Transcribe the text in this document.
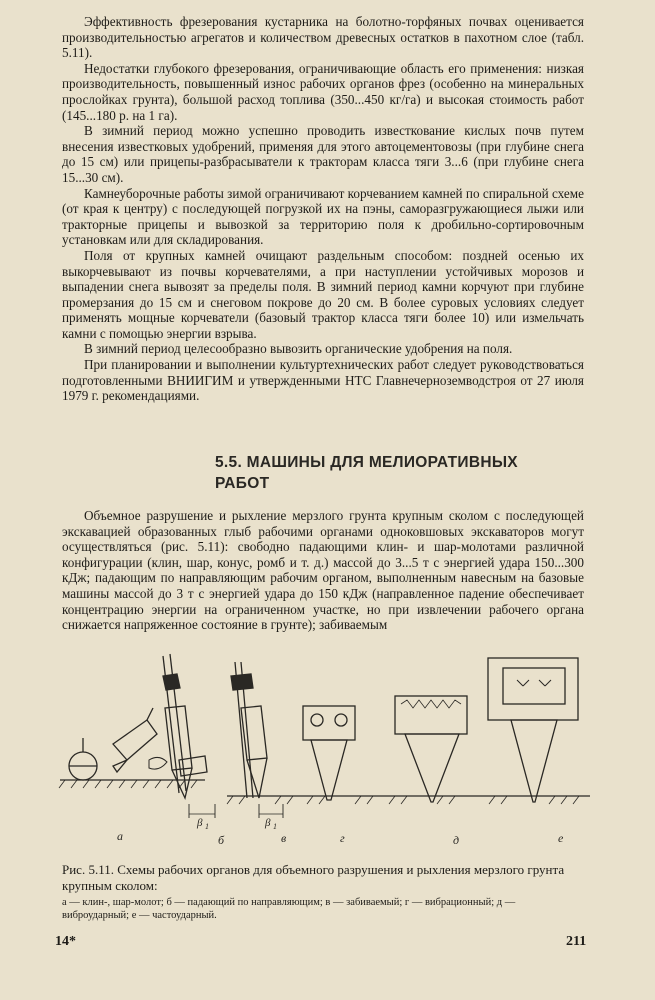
Эффективность фрезерования кустарника на болотно-торфяных почвах оценивается производительностью агрегатов и количеством древесных остатков в пахотном слое (табл. 5.11).

Недостатки глубокого фрезерования, ограничивающие область его применения: низкая производительность, повышенный износ рабочих органов фрез (особенно на минеральных прослойках грунта), большой расход топлива (350...450 кг/га) и высокая стоимость работ (145...180 р. на 1 га).

В зимний период можно успешно проводить известкование кислых почв путем внесения известковых удобрений, применяя для этого автоцементовозы (при глубине снега до 15 см) или прицепы-разбрасыватели к тракторам класса тяги 3...6 (при глубине снега 15...30 см).

Камнеуборочные работы зимой ограничивают корчеванием камней по спиральной схеме (от края к центру) с последующей погрузкой их на пэны, саморазгружающиеся лыжи или тракторные прицепы и вывозкой за территорию поля к дробильно-сортировочным установкам или для складирования.

Поля от крупных камней очищают раздельным способом: поздней осенью их выкорчевывают из почвы корчевателями, а при наступлении устойчивых морозов и выпадении снега вывозят за пределы поля. В зимний период камни корчуют при глубине промерзания до 15 см и снеговом покрове до 20 см. В более суровых условиях следует применять мощные корчеватели (базовый трактор класса тяги более 10) или измельчать камни с помощью энергии взрыва.

В зимний период целесообразно вывозить органические удобрения на поля.

При планировании и выполнении культуртехнических работ следует руководствоваться подготовленными ВНИИГИМ и утвержденными НТС Главнечерноземводстроя от 27 июля 1979 г. рекомендациями.

5.5. МАШИНЫ ДЛЯ МЕЛИОРАТИВНЫХ
РАБОТ

Объемное разрушение и рыхление мерзлого грунта крупным сколом с последующей экскавацией образованных глыб рабочими органами одноковшовых экскаваторов могут осуществляться (рис. 5.11): свободно падающими клин- и шар-молотами различной конфигурации (клин, шар, конус, ромб и т. д.) массой до 3...5 т с энергией удара 150...300 кДж; падающим по направляющим рабочим органом, выполненным навесным на базовые машины массой до 3 т с энергией удара до 150 кДж (направленное падение обеспечивает концентрацию энергии на ограниченном участке, но при извлечении рабочего органа снижается напряженное состояние в грунте); забиваемым

а	б	в	г	д	е
β 1	β 1
Рис. 5.11. Схемы рабочих органов для объемного разрушения и рыхления мерзлого грунта крупным сколом:
а — клин-, шар-молот; б — падающий по направляющим; в — забиваемый; г — вибрационный; д — виброударный; е — частоударный.
14*	211
